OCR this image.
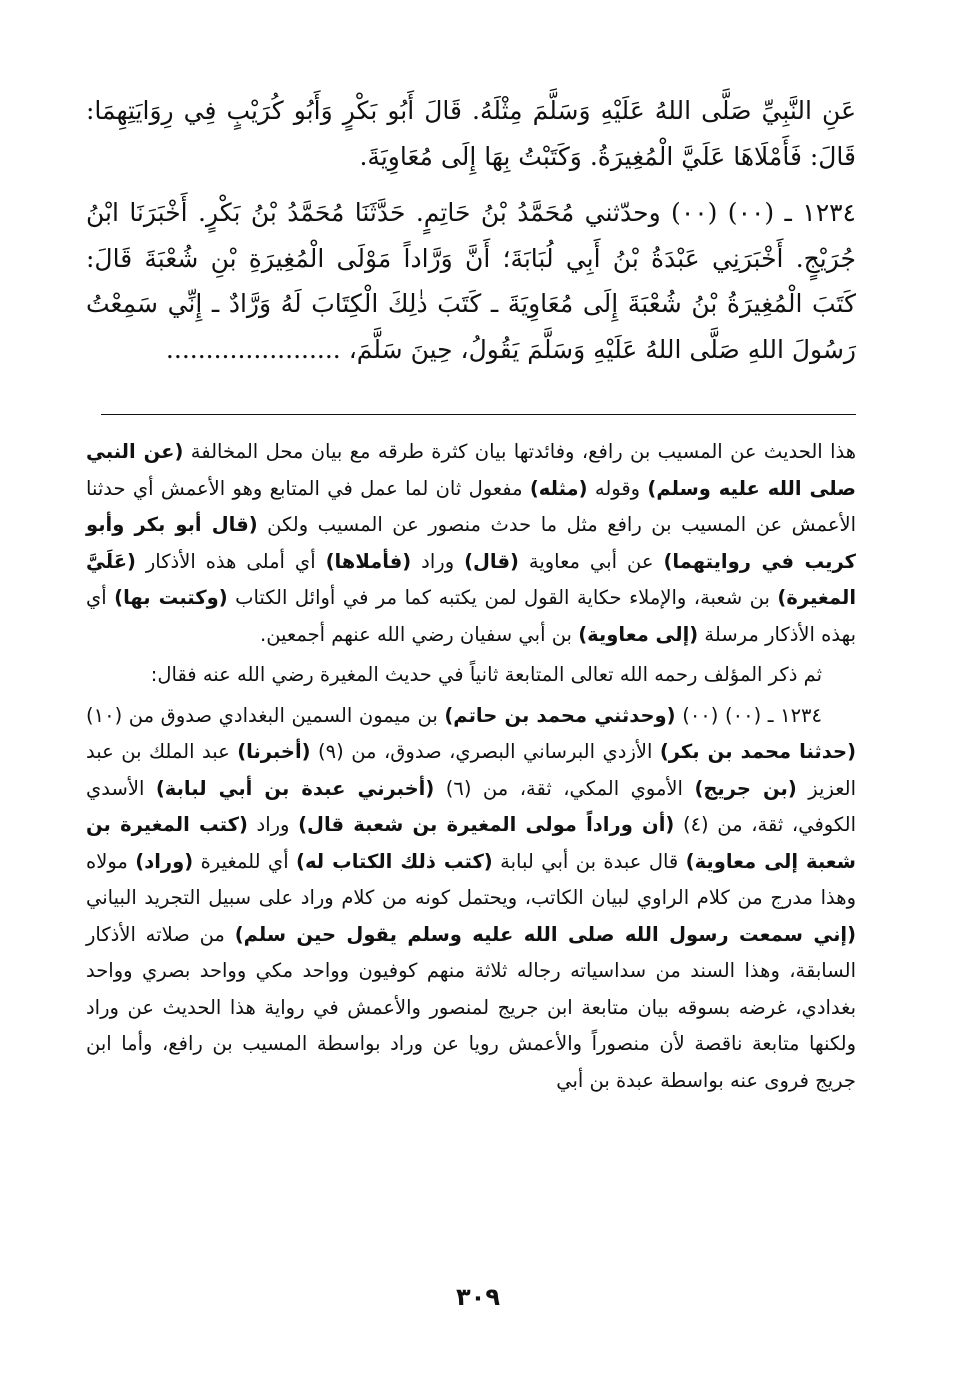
عَنِ النَّبِيِّ صَلَّى اللهُ عَلَيْهِ وَسَلَّمَ مِثْلَهُ. قَالَ أَبُو بَكْرٍ وَأَبُو كُرَيْبٍ فِي رِوَايَتِهِمَا: قَالَ: فَأَمْلَاهَا عَلَيَّ الْمُغِيرَةُ. وَكَتَبْتُ بِهَا إِلَى مُعَاوِيَةَ.

١٢٣٤ ـ (٠٠) (٠٠) وحدّثني مُحَمَّدُ بْنُ حَاتِمٍ. حَدَّثَنَا مُحَمَّدُ بْنُ بَكْرٍ. أَخْبَرَنَا ابْنُ جُرَيْجٍ. أَخْبَرَنِي عَبْدَةُ بْنُ أَبِي لُبَابَةَ؛ أَنَّ وَرَّاداً مَوْلَى الْمُغِيرَةِ بْنِ شُعْبَةَ قَالَ: كَتَبَ الْمُغِيرَةُ بْنُ شُعْبَةَ إِلَى مُعَاوِيَةَ ـ كَتَبَ ذٰلِكَ الْكِتَابَ لَهُ وَرَّادٌ ـ إِنِّي سَمِعْتُ رَسُولَ اللهِ صَلَّى اللهُ عَلَيْهِ وَسَلَّمَ يَقُولُ، حِينَ سَلَّمَ، ......................

هذا الحديث عن المسيب بن رافع، وفائدتها بيان كثرة طرقه مع بيان محل المخالفة (عن النبي صلى الله عليه وسلم) وقوله (مثله) مفعول ثان لما عمل في المتابع وهو الأعمش أي حدثنا الأعمش عن المسيب بن رافع مثل ما حدث منصور عن المسيب ولكن (قال أبو بكر وأبو كريب في روايتهما) عن أبي معاوية (قال) وراد (فأملاها) أي أملى هذه الأذكار (عَلَيَّ المغيرة) بن شعبة، والإملاء حكاية القول لمن يكتبه كما مر في أوائل الكتاب (وكتبت بها) أي بهذه الأذكار مرسلة (إلى معاوية) بن أبي سفيان رضي الله عنهم أجمعين.

ثم ذكر المؤلف رحمه الله تعالى المتابعة ثانياً في حديث المغيرة رضي الله عنه فقال:

١٢٣٤ ـ (٠٠) (٠٠) (وحدثني محمد بن حاتم) بن ميمون السمين البغدادي صدوق من (١٠) (حدثنا محمد بن بكر) الأزدي البرساني البصري، صدوق، من (٩) (أخبرنا) عبد الملك بن عبد العزيز (بن جريج) الأموي المكي، ثقة، من (٦) (أخبرني عبدة بن أبي لبابة) الأسدي الكوفي، ثقة، من (٤) (أن وراداً مولى المغيرة بن شعبة قال) وراد (كتب المغيرة بن شعبة إلى معاوية) قال عبدة بن أبي لبابة (كتب ذلك الكتاب له) أي للمغيرة (وراد) مولاه وهذا مدرج من كلام الراوي لبيان الكاتب، ويحتمل كونه من كلام وراد على سبيل التجريد البياني (إني سمعت رسول الله صلى الله عليه وسلم يقول حين سلم) من صلاته الأذكار السابقة، وهذا السند من سداسياته رجاله ثلاثة منهم كوفيون وواحد مكي وواحد بصري وواحد بغدادي، غرضه بسوقه بيان متابعة ابن جريج لمنصور والأعمش في رواية هذا الحديث عن وراد ولكنها متابعة ناقصة لأن منصوراً والأعمش رويا عن وراد بواسطة المسيب بن رافع، وأما ابن جريج فروى عنه بواسطة عبدة بن أبي

٣٠٩
